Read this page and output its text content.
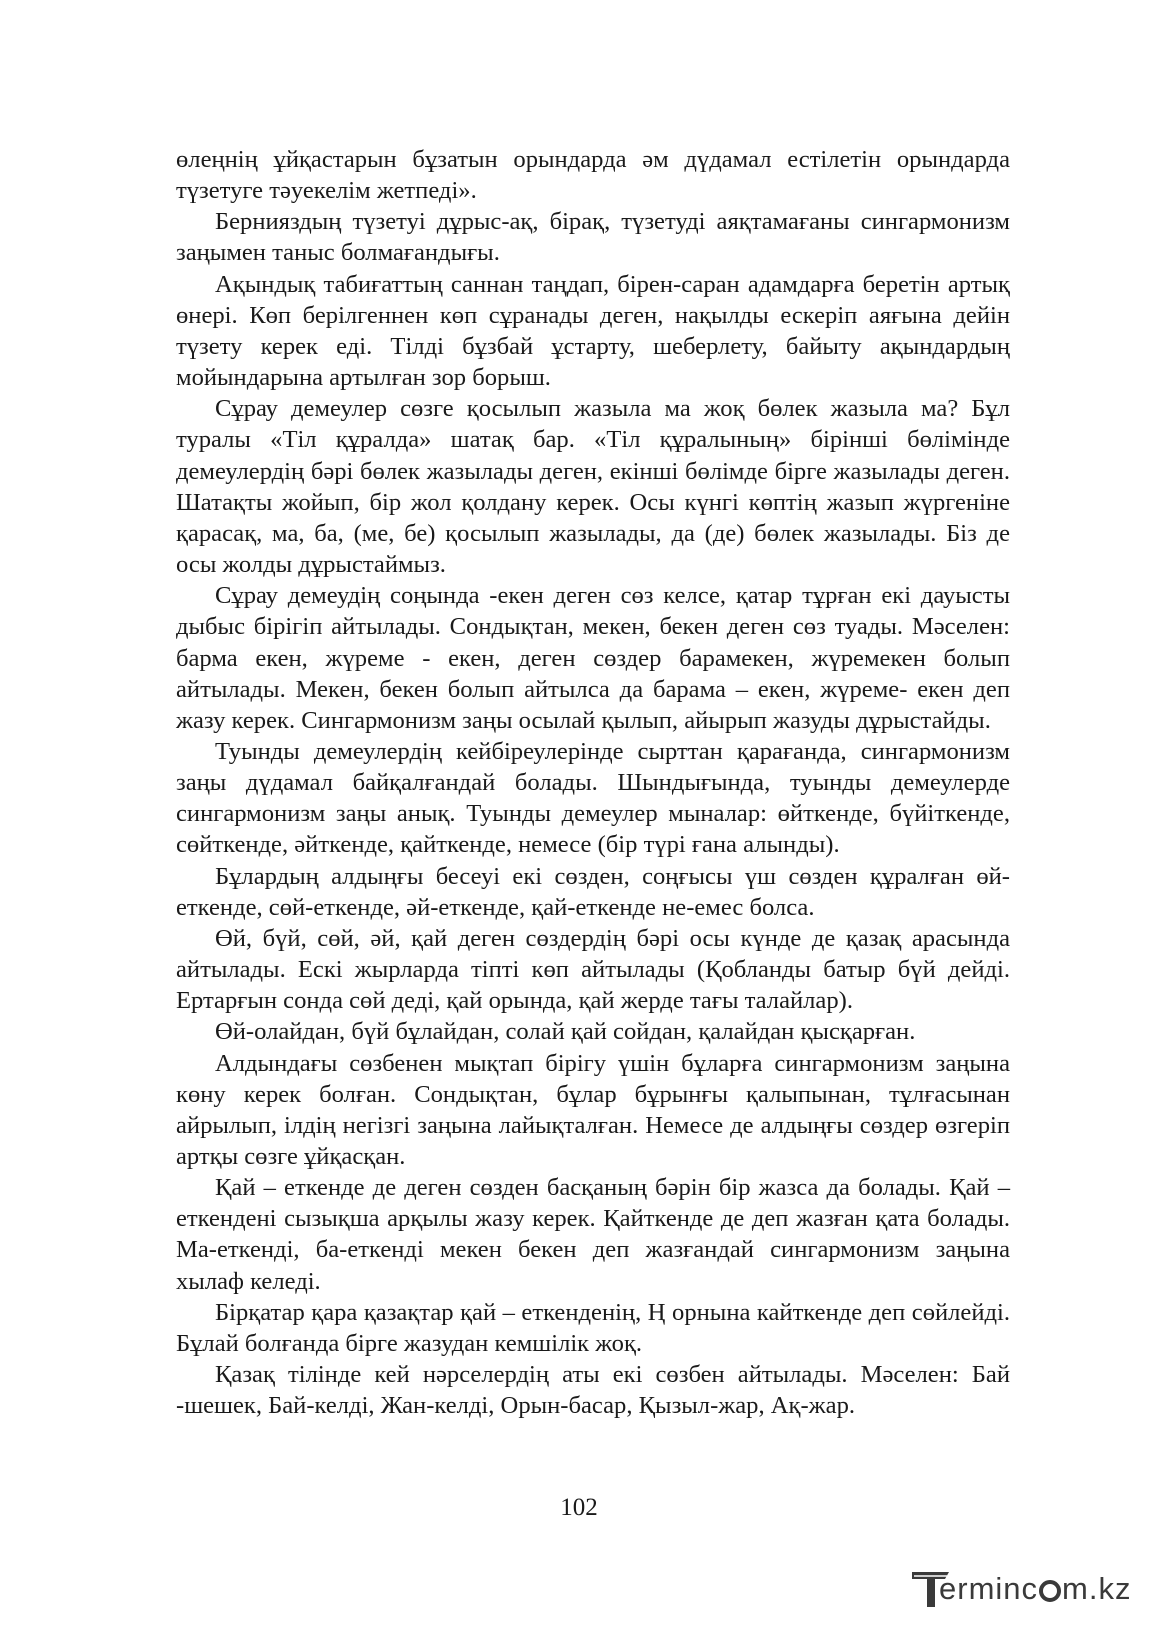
өлеңнің ұйқастарын бұзатын орындарда әм дүдамал естілетін орындарда түзетуге тәуекелім жетпеді».

Бернияздың түзетуі дұрыс-ақ, бірақ, түзетуді аяқтамағаны сингармонизм заңымен таныс болмағандығы.

Ақындық табиғаттың саннан таңдап, бірен-саран адамдарға беретін артық өнері. Көп берілгеннен көп сұранады деген, нақылды ескеріп аяғына дейін түзету керек еді. Тілді бұзбай ұстарту, шеберлету, байыту ақындардың мойындарына артылған зор борыш.

Сұрау демеулер сөзге қосылып жазыла ма жоқ бөлек жазыла ма? Бұл туралы «Тіл құралда» шатақ бар. «Тіл құралының» бірінші бөлімінде демеулердің бәрі бөлек жазылады деген, екінші бөлімде бірге жазылады деген. Шатақты жойып, бір жол қолдану керек. Осы күнгі көптің жазып жүргеніне қарасақ, ма, ба, (ме, бе) қосылып жазылады, да (де) бөлек жазылады. Біз де осы жолды дұрыстаймыз.

Сұрау демеудің соңында -екен деген сөз келсе, қатар тұрған екі дауысты дыбыс бірігіп айтылады. Сондықтан, мекен, бекен деген сөз туады. Мәселен: барма екен, жүреме - екен, деген сөздер барамекен, жүремекен болып айтылады. Мекен, бекен болып айтылса да барама – екен, жүреме- екен деп жазу керек. Сингармонизм заңы осылай қылып, айырып жазуды дұрыстайды.

Туынды демеулердің кейбіреулерінде сырттан қарағанда, сингармонизм заңы дүдамал байқалғандай болады. Шындығында, туынды демеулерде сингармонизм заңы анық. Туынды демеулер мыналар: өйткенде, бүйіткенде, сөйткенде, әйткенде, қайткенде, немесе (бір түрі ғана алынды).

Бұлардың алдыңғы бесеуі екі сөзден, соңғысы үш сөзден құралған өй-еткенде, сөй-еткенде, әй-еткенде, қай-еткенде не-емес болса.

Өй, бүй, сөй, әй, қай деген сөздердің бәрі осы күнде де қазақ арасында айтылады. Ескі жырларда тіпті көп айтылады (Қобланды батыр бүй дейді. Ертарғын сонда сөй деді, қай орында, қай жерде тағы талайлар).

Өй-олайдан, бүй бұлайдан, солай қай сойдан, қалайдан қысқарған.

Алдындағы сөзбенен мықтап бірігу үшін бұларға сингармонизм заңына көну керек болған. Сондықтан, бұлар бұрынғы қалыпынан, тұлғасынан айрылып, ілдің негізгі заңына лайықталған. Немесе де алдыңғы сөздер өзгеріп артқы сөзге ұйқасқан.

Қай – еткенде де деген сөзден басқаның бәрін бір жазса да болады. Қай – еткендені сызықша арқылы жазу керек. Қайткенде де деп жазған қата болады. Ма-еткенді, ба-еткенді мекен бекен деп жазғандай сингармонизм заңына хылаф келеді.

Бірқатар қара қазақтар қай – еткенденің, Ң орнына кайткенде деп сөйлейді. Бұлай болғанда бірге жазудан кемшілік жоқ.

Қазақ тілінде кей нәрселердің аты екі сөзбен айтылады. Мәселен: Бай -шешек, Бай-келді, Жан-келді, Орын-басар, Қызыл-жар, Ақ-жар.

102
erminc m.kz
